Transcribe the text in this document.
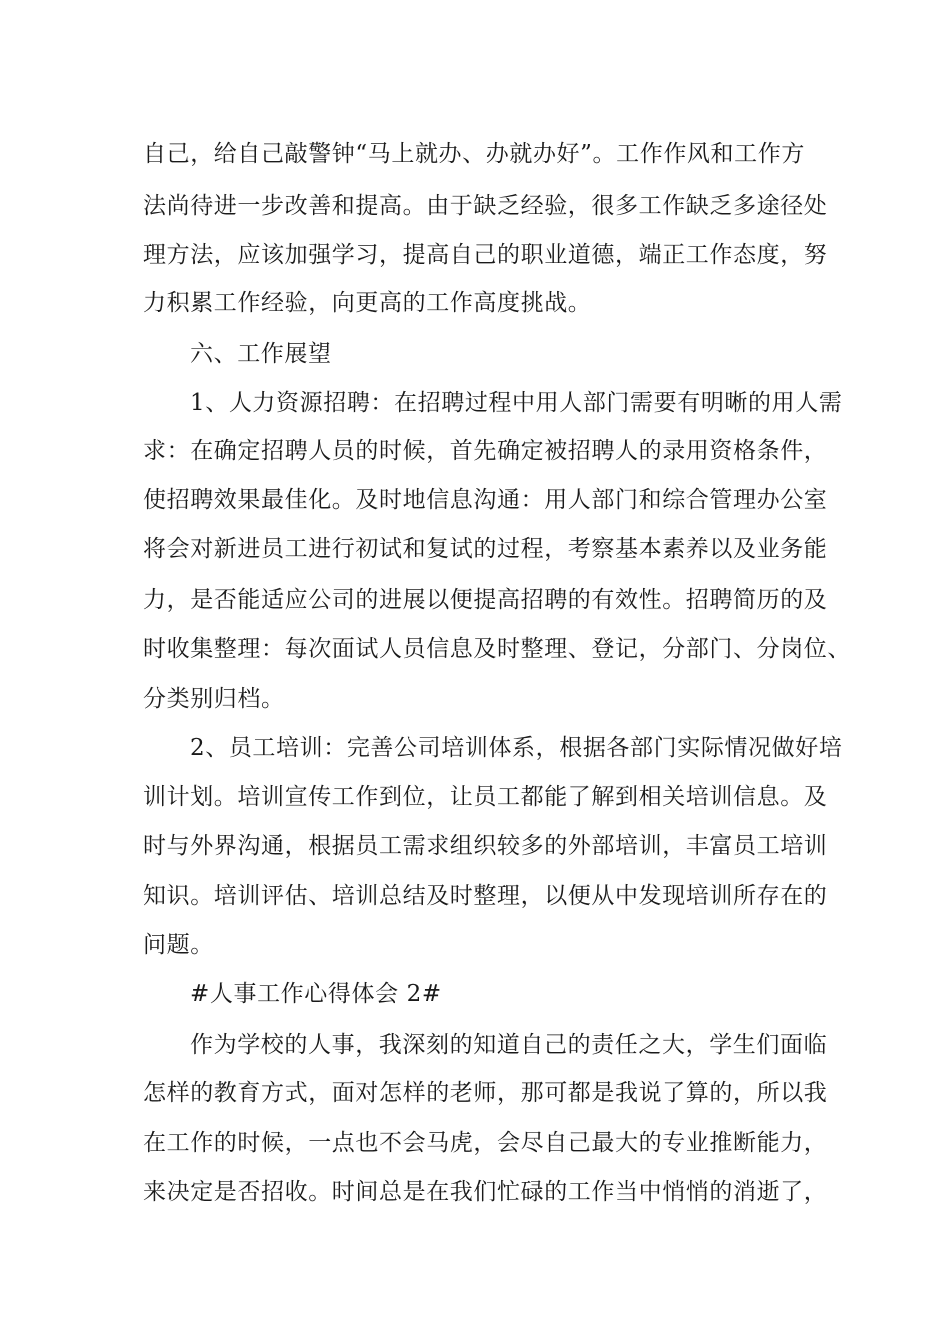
自己，给自己敲警钟“马上就办、办就办好”。工作作风和工作方
法尚待进一步改善和提高。由于缺乏经验，很多工作缺乏多途径处
理方法，应该加强学习，提高自己的职业道德，端正工作态度，努
力积累工作经验，向更高的工作高度挑战。
六、工作展望
1、人力资源招聘：在招聘过程中用人部门需要有明晰的用人需
求：在确定招聘人员的时候，首先确定被招聘人的录用资格条件，
使招聘效果最佳化。及时地信息沟通：用人部门和综合管理办公室
将会对新进员工进行初试和复试的过程，考察基本素养以及业务能
力，是否能适应公司的进展以便提高招聘的有效性。招聘简历的及
时收集整理：每次面试人员信息及时整理、登记，分部门、分岗位、
分类别归档。
2、员工培训：完善公司培训体系，根据各部门实际情况做好培
训计划。培训宣传工作到位，让员工都能了解到相关培训信息。及
时与外界沟通，根据员工需求组织较多的外部培训，丰富员工培训
知识。培训评估、培训总结及时整理，以便从中发现培训所存在的
问题。
#人事工作心得体会 2#
作为学校的人事，我深刻的知道自己的责任之大，学生们面临
怎样的教育方式，面对怎样的老师，那可都是我说了算的，所以我
在工作的时候，一点也不会马虎，会尽自己最大的专业推断能力，
来决定是否招收。时间总是在我们忙碌的工作当中悄悄的消逝了，
